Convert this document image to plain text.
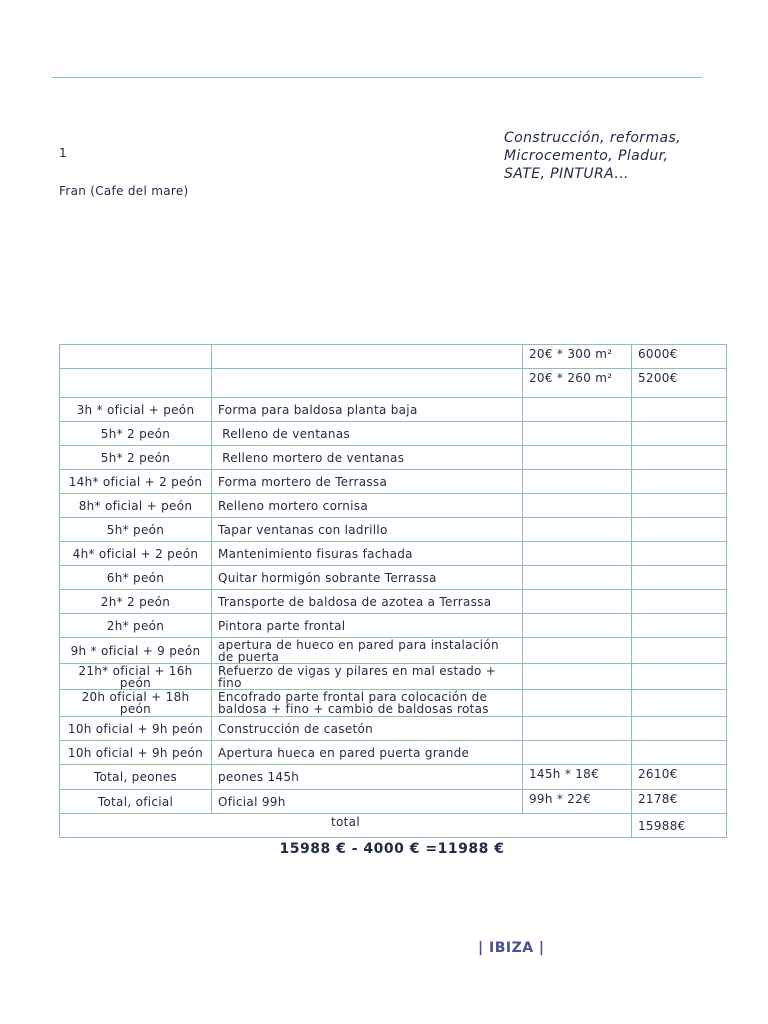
1
Fran (Cafe del mare)
Construcción, reformas,
Microcemento, Pladur,
SATE, PINTURA...
		20€ * 300 m²	6000€
		20€ * 260 m²	5200€
3h * oficial + peón	Forma para baldosa planta baja		
5h* 2 peón	Relleno de ventanas		
5h* 2 peón	Relleno mortero de ventanas		
14h* oficial + 2 peón	Forma mortero de Terrassa		
8h* oficial + peón	Relleno mortero cornisa		
5h* peón	Tapar ventanas con ladrillo		
4h* oficial + 2 peón	Mantenimiento fisuras fachada		
6h* peón	Quitar hormigón sobrante Terrassa		
2h* 2 peón	Transporte de baldosa de azotea a Terrassa		
2h* peón	Pintora parte frontal		
9h * oficial + 9 peón	apertura de hueco en pared para instalación de puerta		
21h* oficial + 16h peón	Refuerzo de vigas y pilares en mal estado + fino		
20h oficial + 18h peón	Encofrado parte frontal para colocación de baldosa + fino + cambio de baldosas rotas		
10h oficial + 9h peón	Construcción de casetón		
10h oficial + 9h peón	Apertura hueca en pared puerta grande		
Total, peones	peones 145h	145h * 18€	2610€
Total, oficial	Oficial 99h	99h * 22€	2178€
total			15988€
15988 € - 4000 € =11988 €
| IBIZA |
